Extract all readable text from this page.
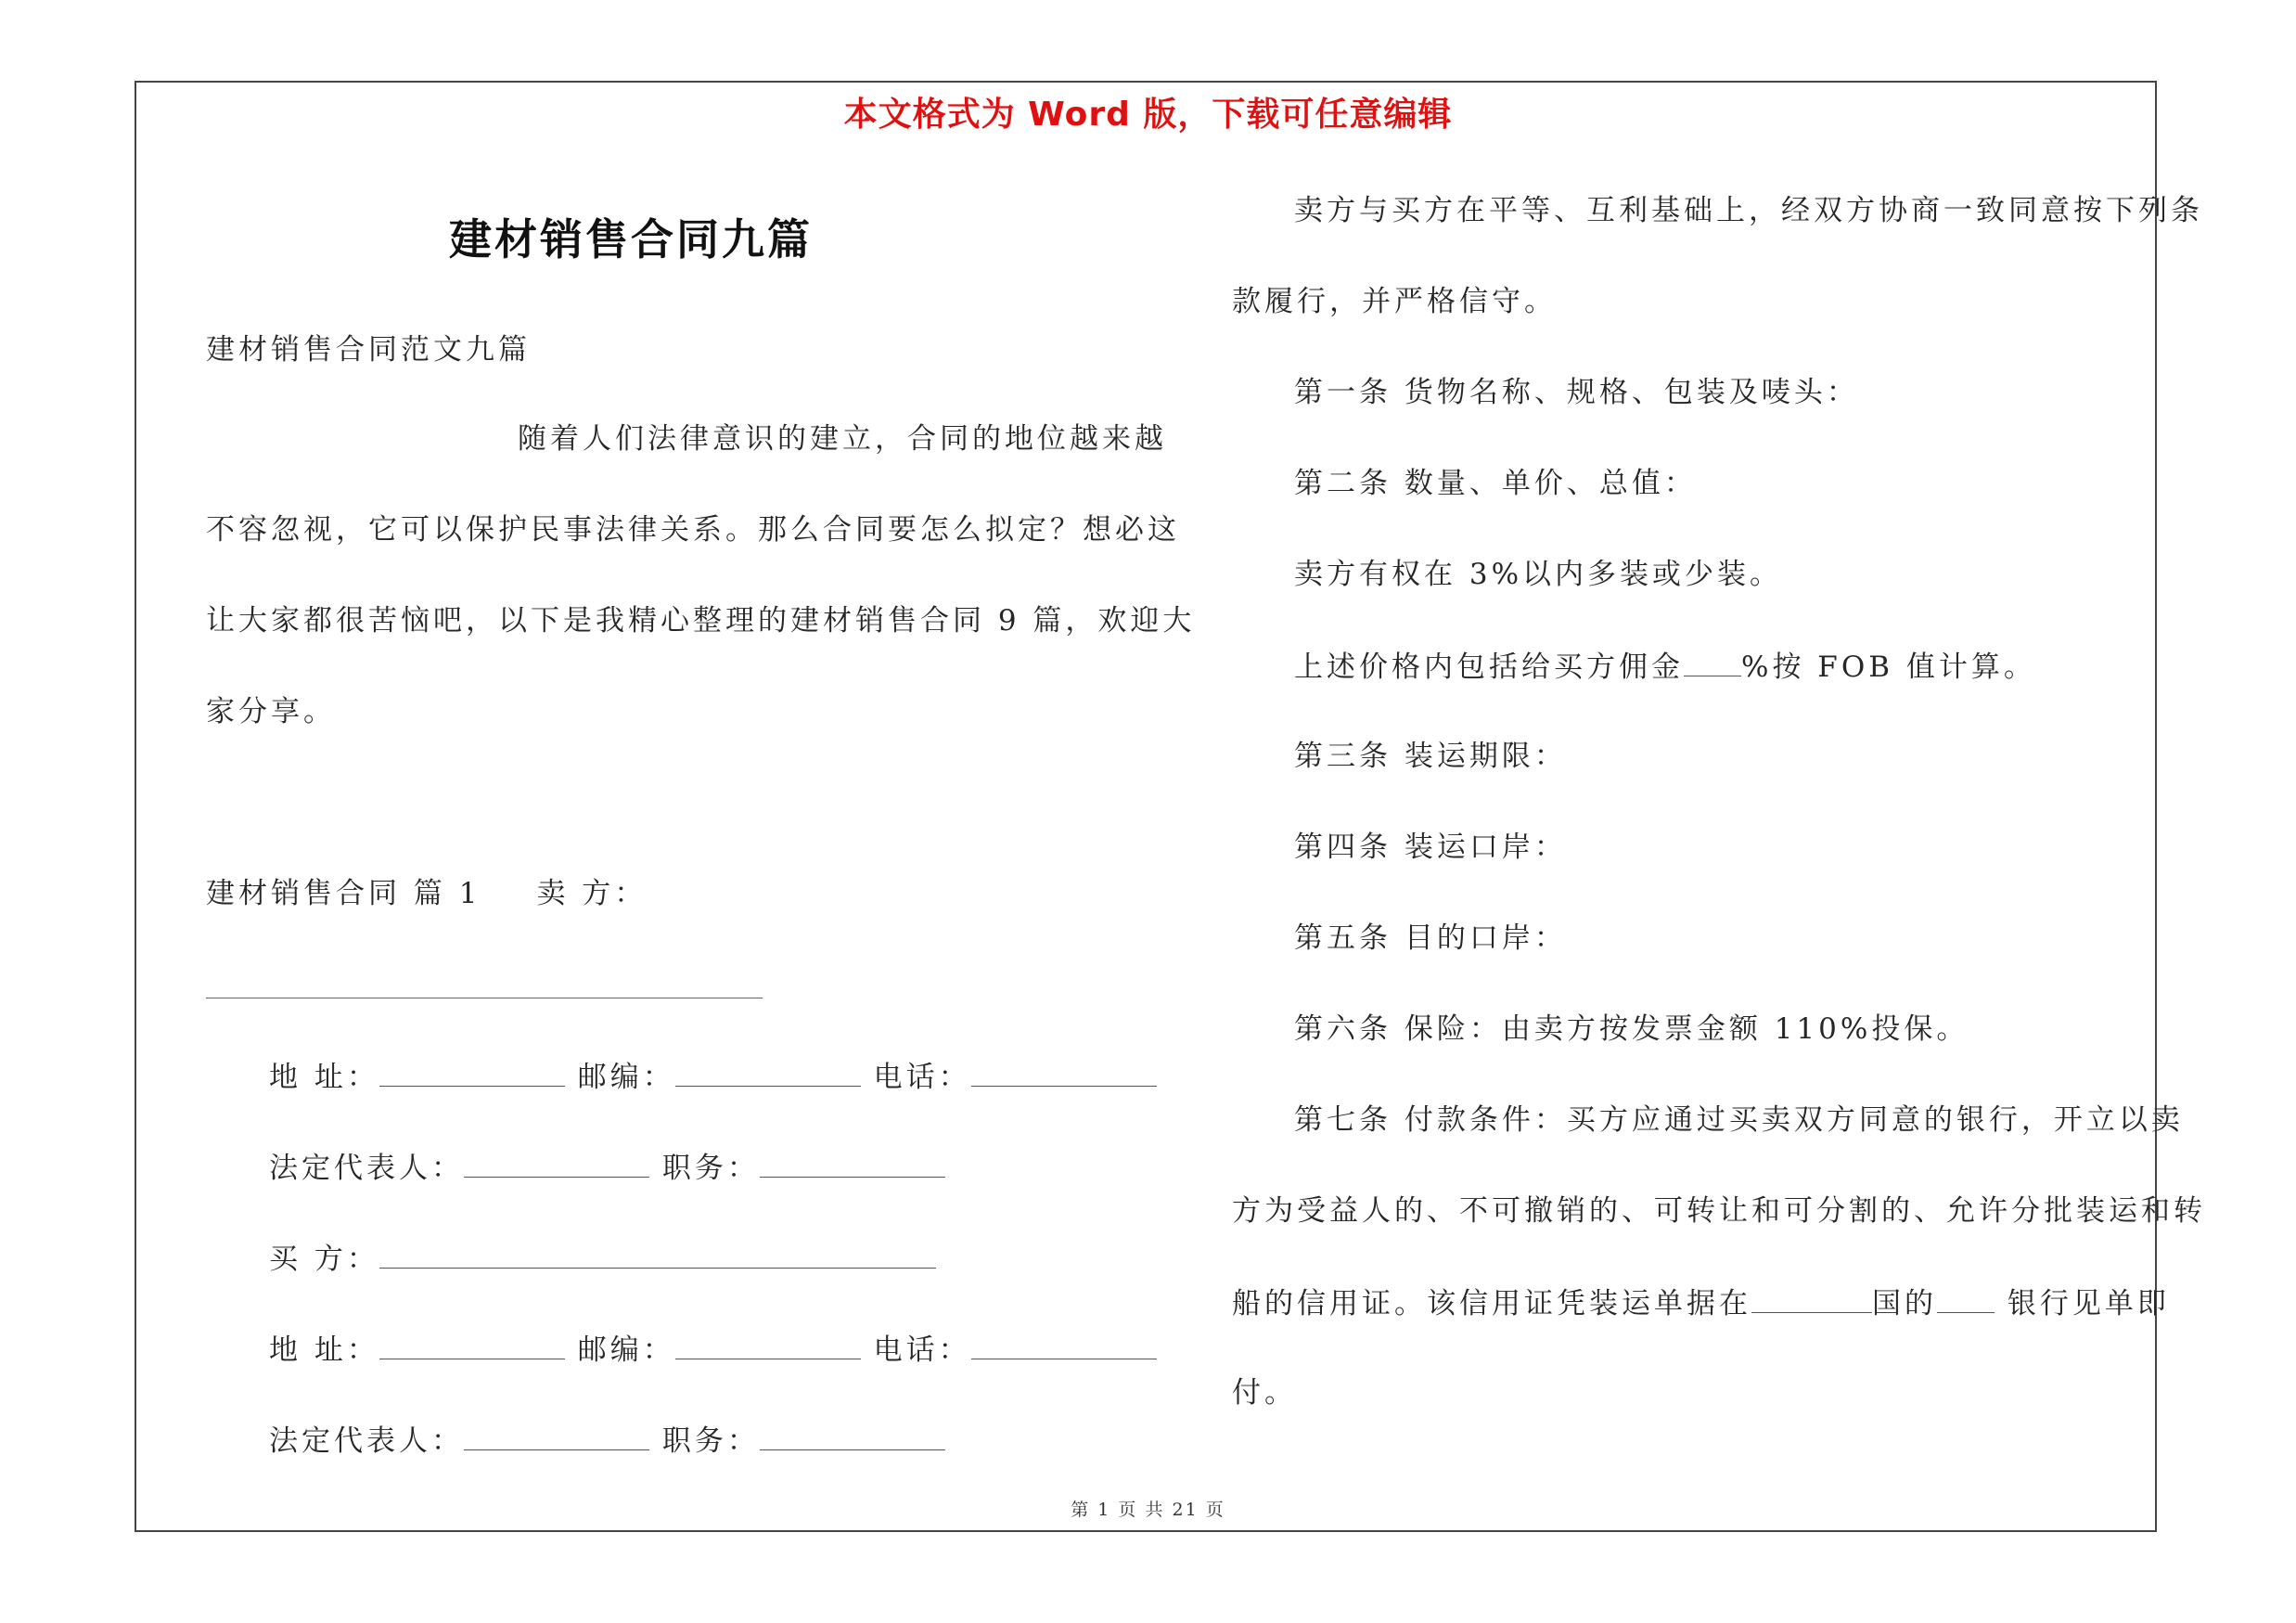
本文格式为 Word 版，下载可任意编辑
建材销售合同九篇
建材销售合同范文九篇
随着人们法律意识的建立，合同的地位越来越
不容忽视，它可以保护民事法律关系。那么合同要怎么拟定？想必这
让大家都很苦恼吧，以下是我精心整理的建材销售合同 9 篇，欢迎大
家分享。
建材销售合同 篇 1 卖 方：
地 址：	邮编：	电话：
法定代表人：	职务：
买 方：
地 址：	邮编：	电话：
法定代表人：	职务：
卖方与买方在平等、互利基础上，经双方协商一致同意按下列条
款履行，并严格信守。
第一条 货物名称、规格、包装及唛头：
第二条 数量、单价、总值：
卖方有权在 3%以内多装或少装。
上述价格内包括给买方佣金 %按 FOB 值计算。
第三条 装运期限：
第四条 装运口岸：
第五条 目的口岸：
第六条 保险：由卖方按发票金额 110%投保。
第七条 付款条件：买方应通过买卖双方同意的银行，开立以卖
方为受益人的、不可撤销的、可转让和可分割的、允许分批装运和转
船的信用证。该信用证凭装运单据在	国的 银行见单即
付。
第 1 页 共 21 页
